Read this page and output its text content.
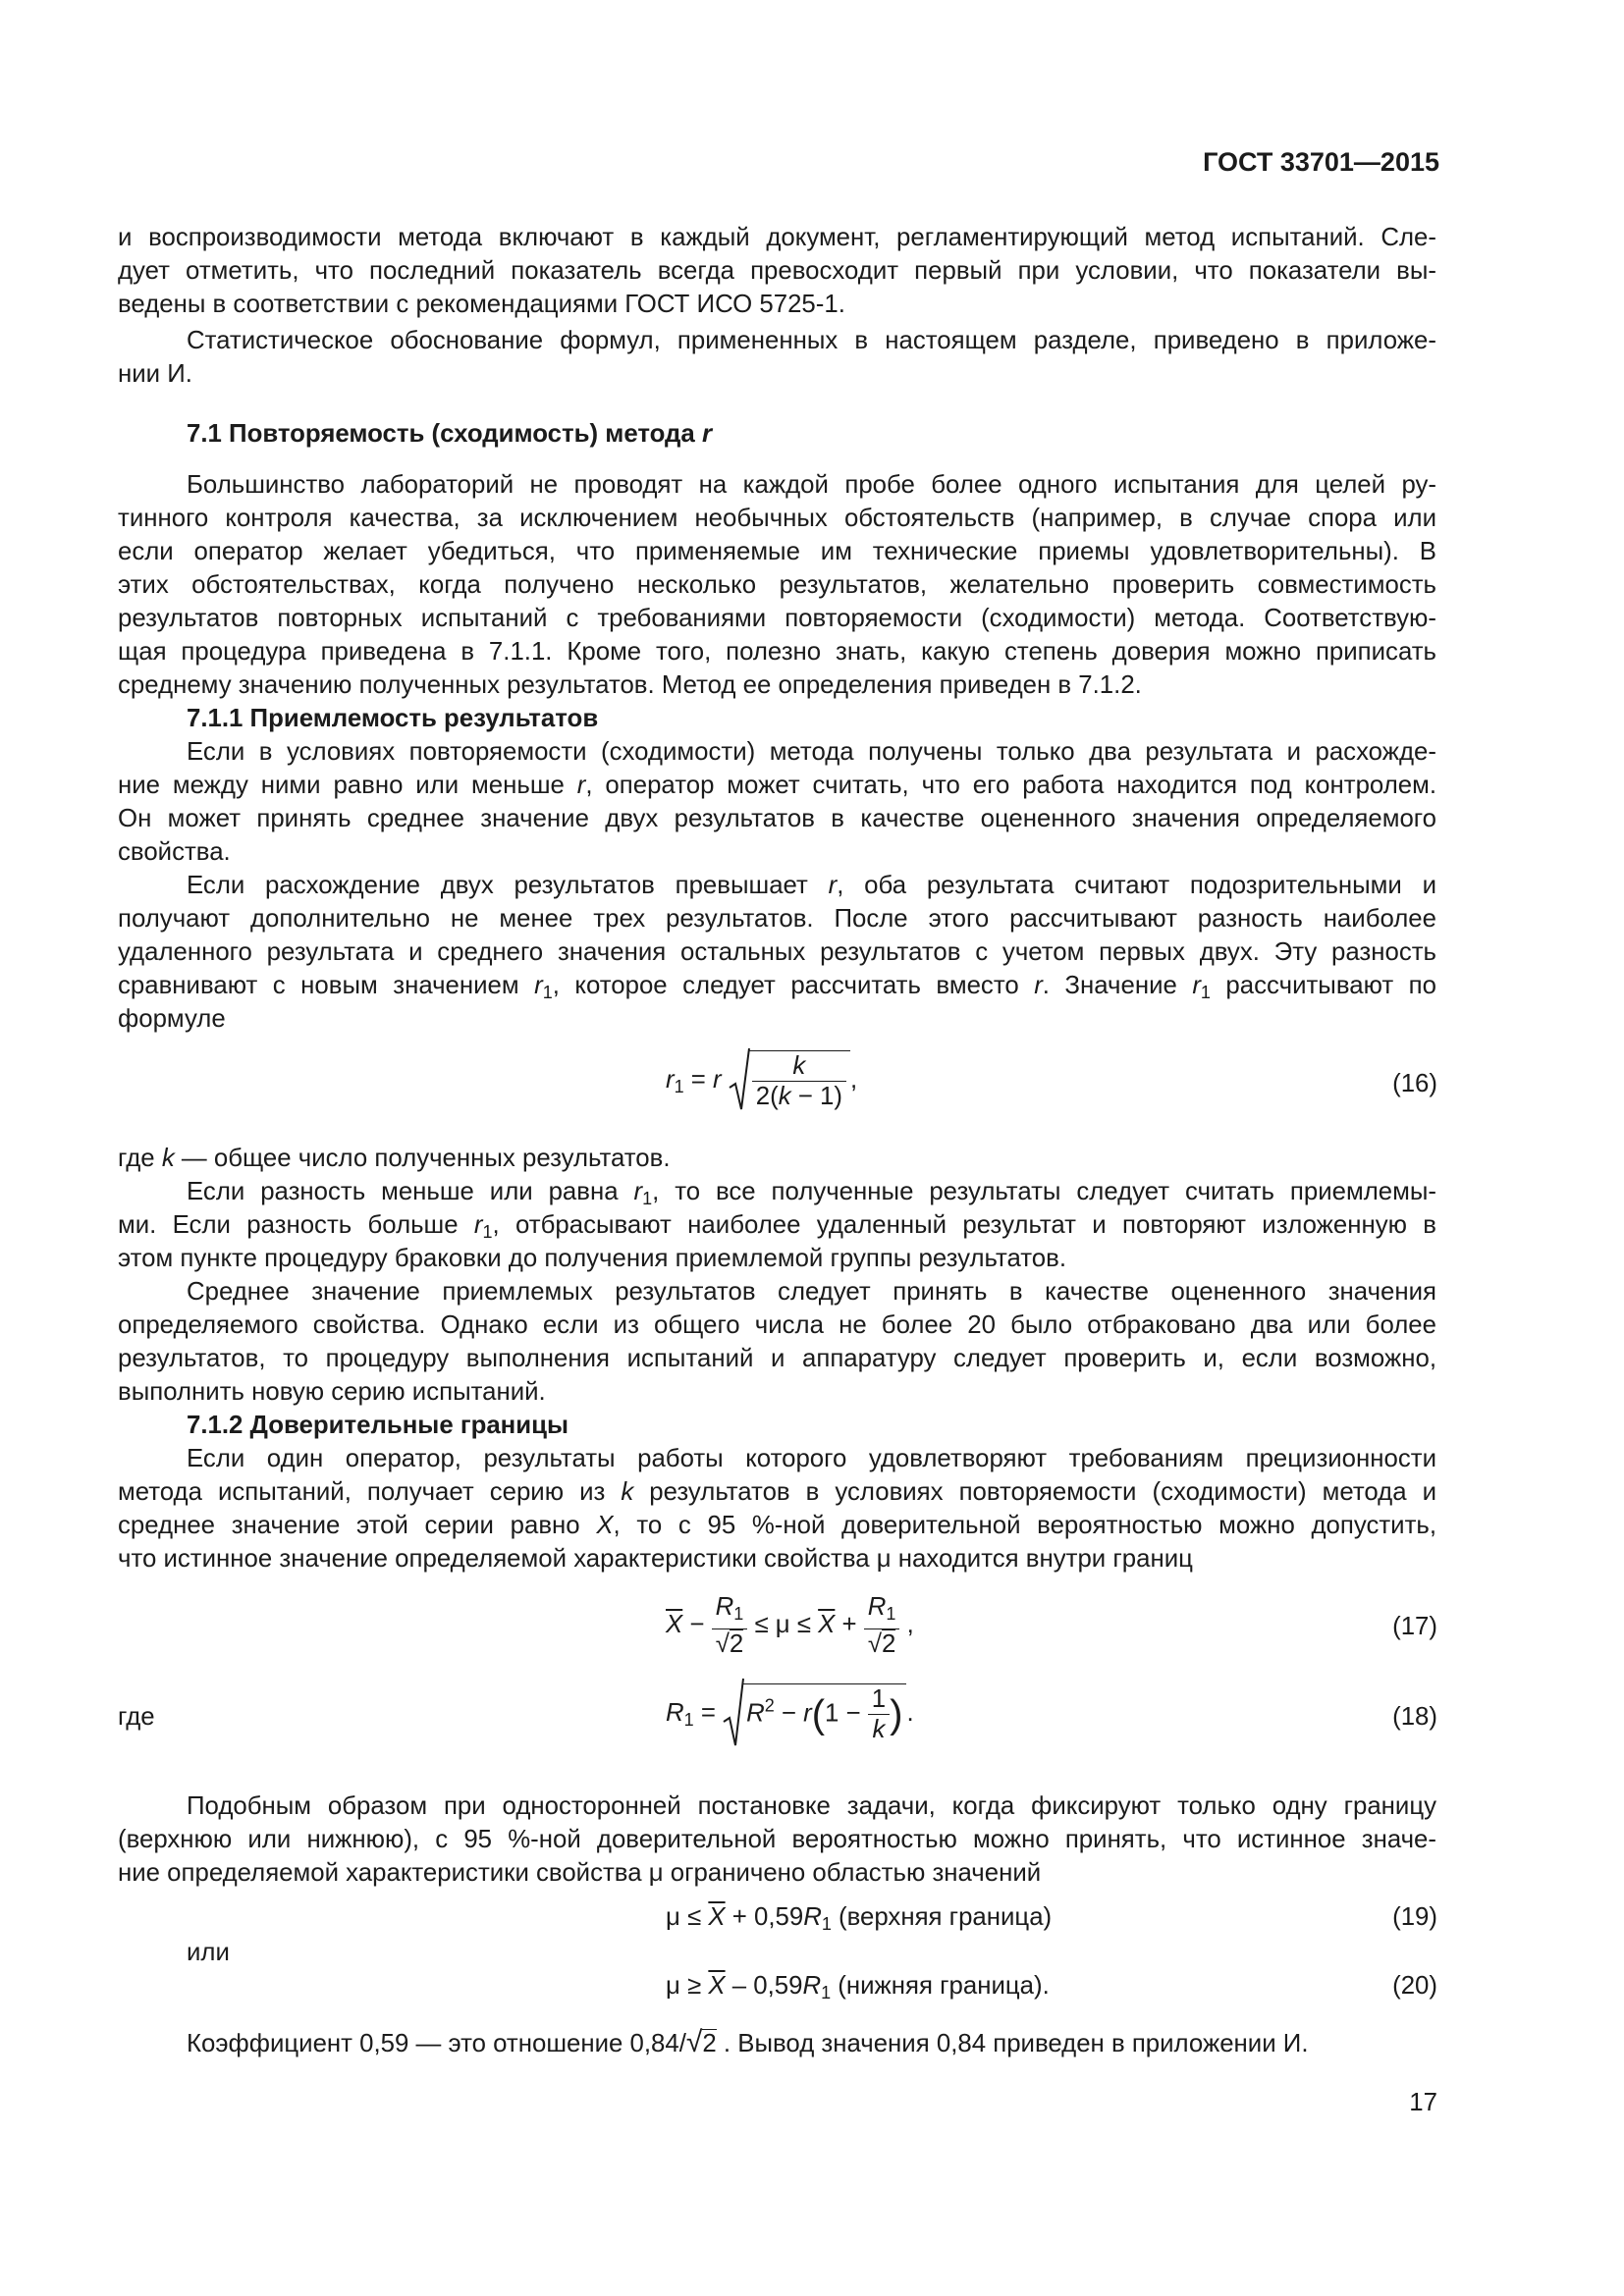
ГОСТ 33701—2015
и воспроизводимости метода включают в каждый документ, регламентирующий метод испытаний. Сле-
дует отметить, что последний показатель всегда превосходит первый при условии, что показатели вы-
ведены в соответствии с рекомендациями ГОСТ ИСО 5725-1.
Статистическое обоснование формул, примененных в настоящем разделе, приведено в приложе-
нии И.
7.1 Повторяемость (сходимость) метода r
Большинство лабораторий не проводят на каждой пробе более одного испытания для целей ру-
тинного контроля качества, за исключением необычных обстоятельств (например, в случае спора или
если оператор желает убедиться, что применяемые им технические приемы удовлетворительны). В
этих обстоятельствах, когда получено несколько результатов, желательно проверить совместимость
результатов повторных испытаний с требованиями повторяемости (сходимости) метода. Соответствую-
щая процедура приведена в 7.1.1. Кроме того, полезно знать, какую степень доверия можно приписать
среднему значению полученных результатов. Метод ее определения приведен в 7.1.2.
7.1.1 Приемлемость результатов
Если в условиях повторяемости (сходимости) метода получены только два результата и расхожде-
ние между ними равно или меньше r, оператор может считать, что его работа находится под контролем.
Он может принять среднее значение двух результатов в качестве оцененного значения определяемого
свойства.
Если расхождение двух результатов превышает r, оба результата считают подозрительными и
получают дополнительно не менее трех результатов. После этого рассчитывают разность наиболее
удаленного результата и среднего значения остальных результатов с учетом первых двух. Эту разность
сравнивают с новым значением $r_1$, которое следует рассчитать вместо r. Значение $r_1$ рассчитывают по
формуле
$r_1 = r \frac{k}{2(k - 1)}$ ,	(16)
где k — общее число полученных результатов.
Если разность меньше или равна $r_1$, то все полученные результаты следует считать приемлемы-
ми. Если разность больше $r_1$, отбрасывают наиболее удаленный результат и повторяют изложенную в
этом пункте процедуру браковки до получения приемлемой группы результатов.
Среднее значение приемлемых результатов следует принять в качестве оцененного значения
определяемого свойства. Однако если из общего числа не более 20 было отбраковано два или более
результатов, то процедуру выполнения испытаний и аппаратуру следует проверить и, если возможно,
выполнить новую серию испытаний.
7.1.2 Доверительные границы
Если один оператор, результаты работы которого удовлетворяют требованиям прецизионности
метода испытаний, получает серию из k результатов в условиях повторяемости (сходимости) метода и
среднее значение этой серии равно X, то с 95 %-ной доверительной вероятностью можно допустить,
что истинное значение определяемой характеристики свойства μ находится внутри границ
$\overline{X} - \frac{R_1}{√2} \le \mu \le \overline{X} + \frac{R_1}{√2}$ ,	(17)
где	$R_1 = R^2 - r(1 - \frac{1}{k}$ ) .	(18)
Подобным образом при односторонней постановке задачи, когда фиксируют только одну границу
(верхнюю или нижнюю), с 95 %-ной доверительной вероятностью можно принять, что истинное значе-
ние определяемой характеристики свойства μ ограничено областью значений
$\mu \le \overline{X} + 0,59R_1$ (верхняя граница)	(19)
или
$\mu \ge \overline{X} - 0,59R_1$ (нижняя граница).	(20)
Коэффициент 0,59 — это отношение 0,84/√2 . Вывод значения 0,84 приведен в приложении И.
17
